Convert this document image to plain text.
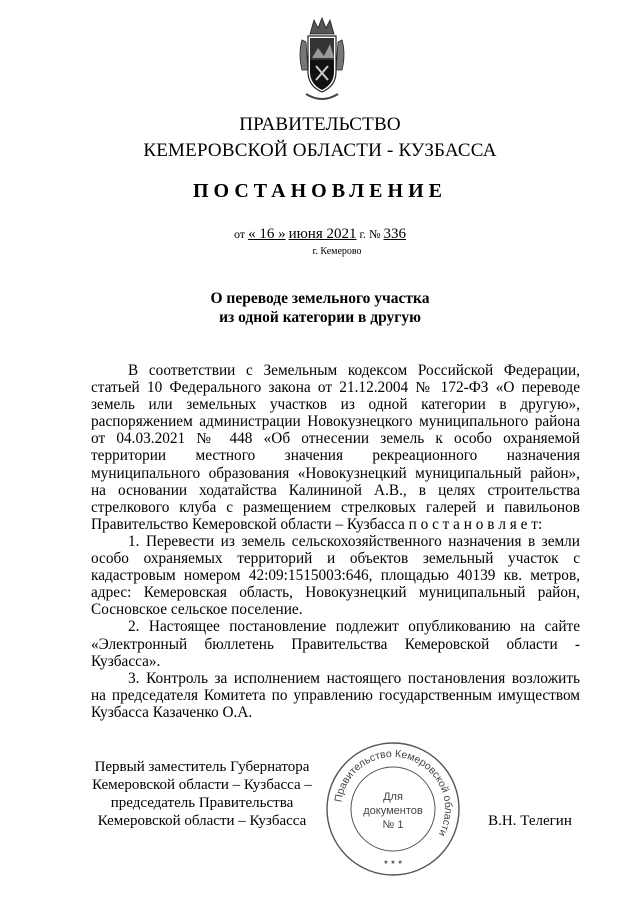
ПРАВИТЕЛЬСТВО
КЕМЕРОВСКОЙ ОБЛАСТИ - КУЗБАССА
ПОСТАНОВЛЕНИЕ
от « 16 » июня 2021 г. № 336
г. Кемерово
О переводе земельного участка
из одной категории в другую

В соответствии с Земельным кодексом Российской Федерации, статьей 10 Федерального закона от 21.12.2004 № 172-ФЗ «О переводе земель или земельных участков из одной категории в другую», распоряжением администрации Новокузнецкого муниципального района от 04.03.2021 № 448 «Об отнесении земель к особо охраняемой территории местного значения рекреационного назначения муниципального образования «Новокузнецкий муниципальный район», на основании ходатайства Калининой А.В., в целях строительства стрелкового клуба с размещением стрелковых галерей и павильонов Правительство Кемеровской области – Кузбасса п о с т а н о в л я е т:

1. Перевести из земель сельскохозяйственного назначения в земли особо охраняемых территорий и объектов земельный участок с кадастровым номером 42:09:1515003:646, площадью 40139 кв. метров, адрес: Кемеровская область, Новокузнецкий муниципальный район, Сосновское сельское поселение.

2. Настоящее постановление подлежит опубликованию на сайте «Электронный бюллетень Правительства Кемеровской области - Кузбасса».

3. Контроль за исполнением настоящего постановления возложить на председателя Комитета по управлению государственным имуществом Кузбасса Казаченко О.А.

Первый заместитель Губернатора
Кемеровской области – Кузбасса –
председатель Правительства
Кемеровской области – Кузбасса	В.Н. Телегин
Правительство Кемеровской области
Для
документов
№ 1
★ ★ ★
